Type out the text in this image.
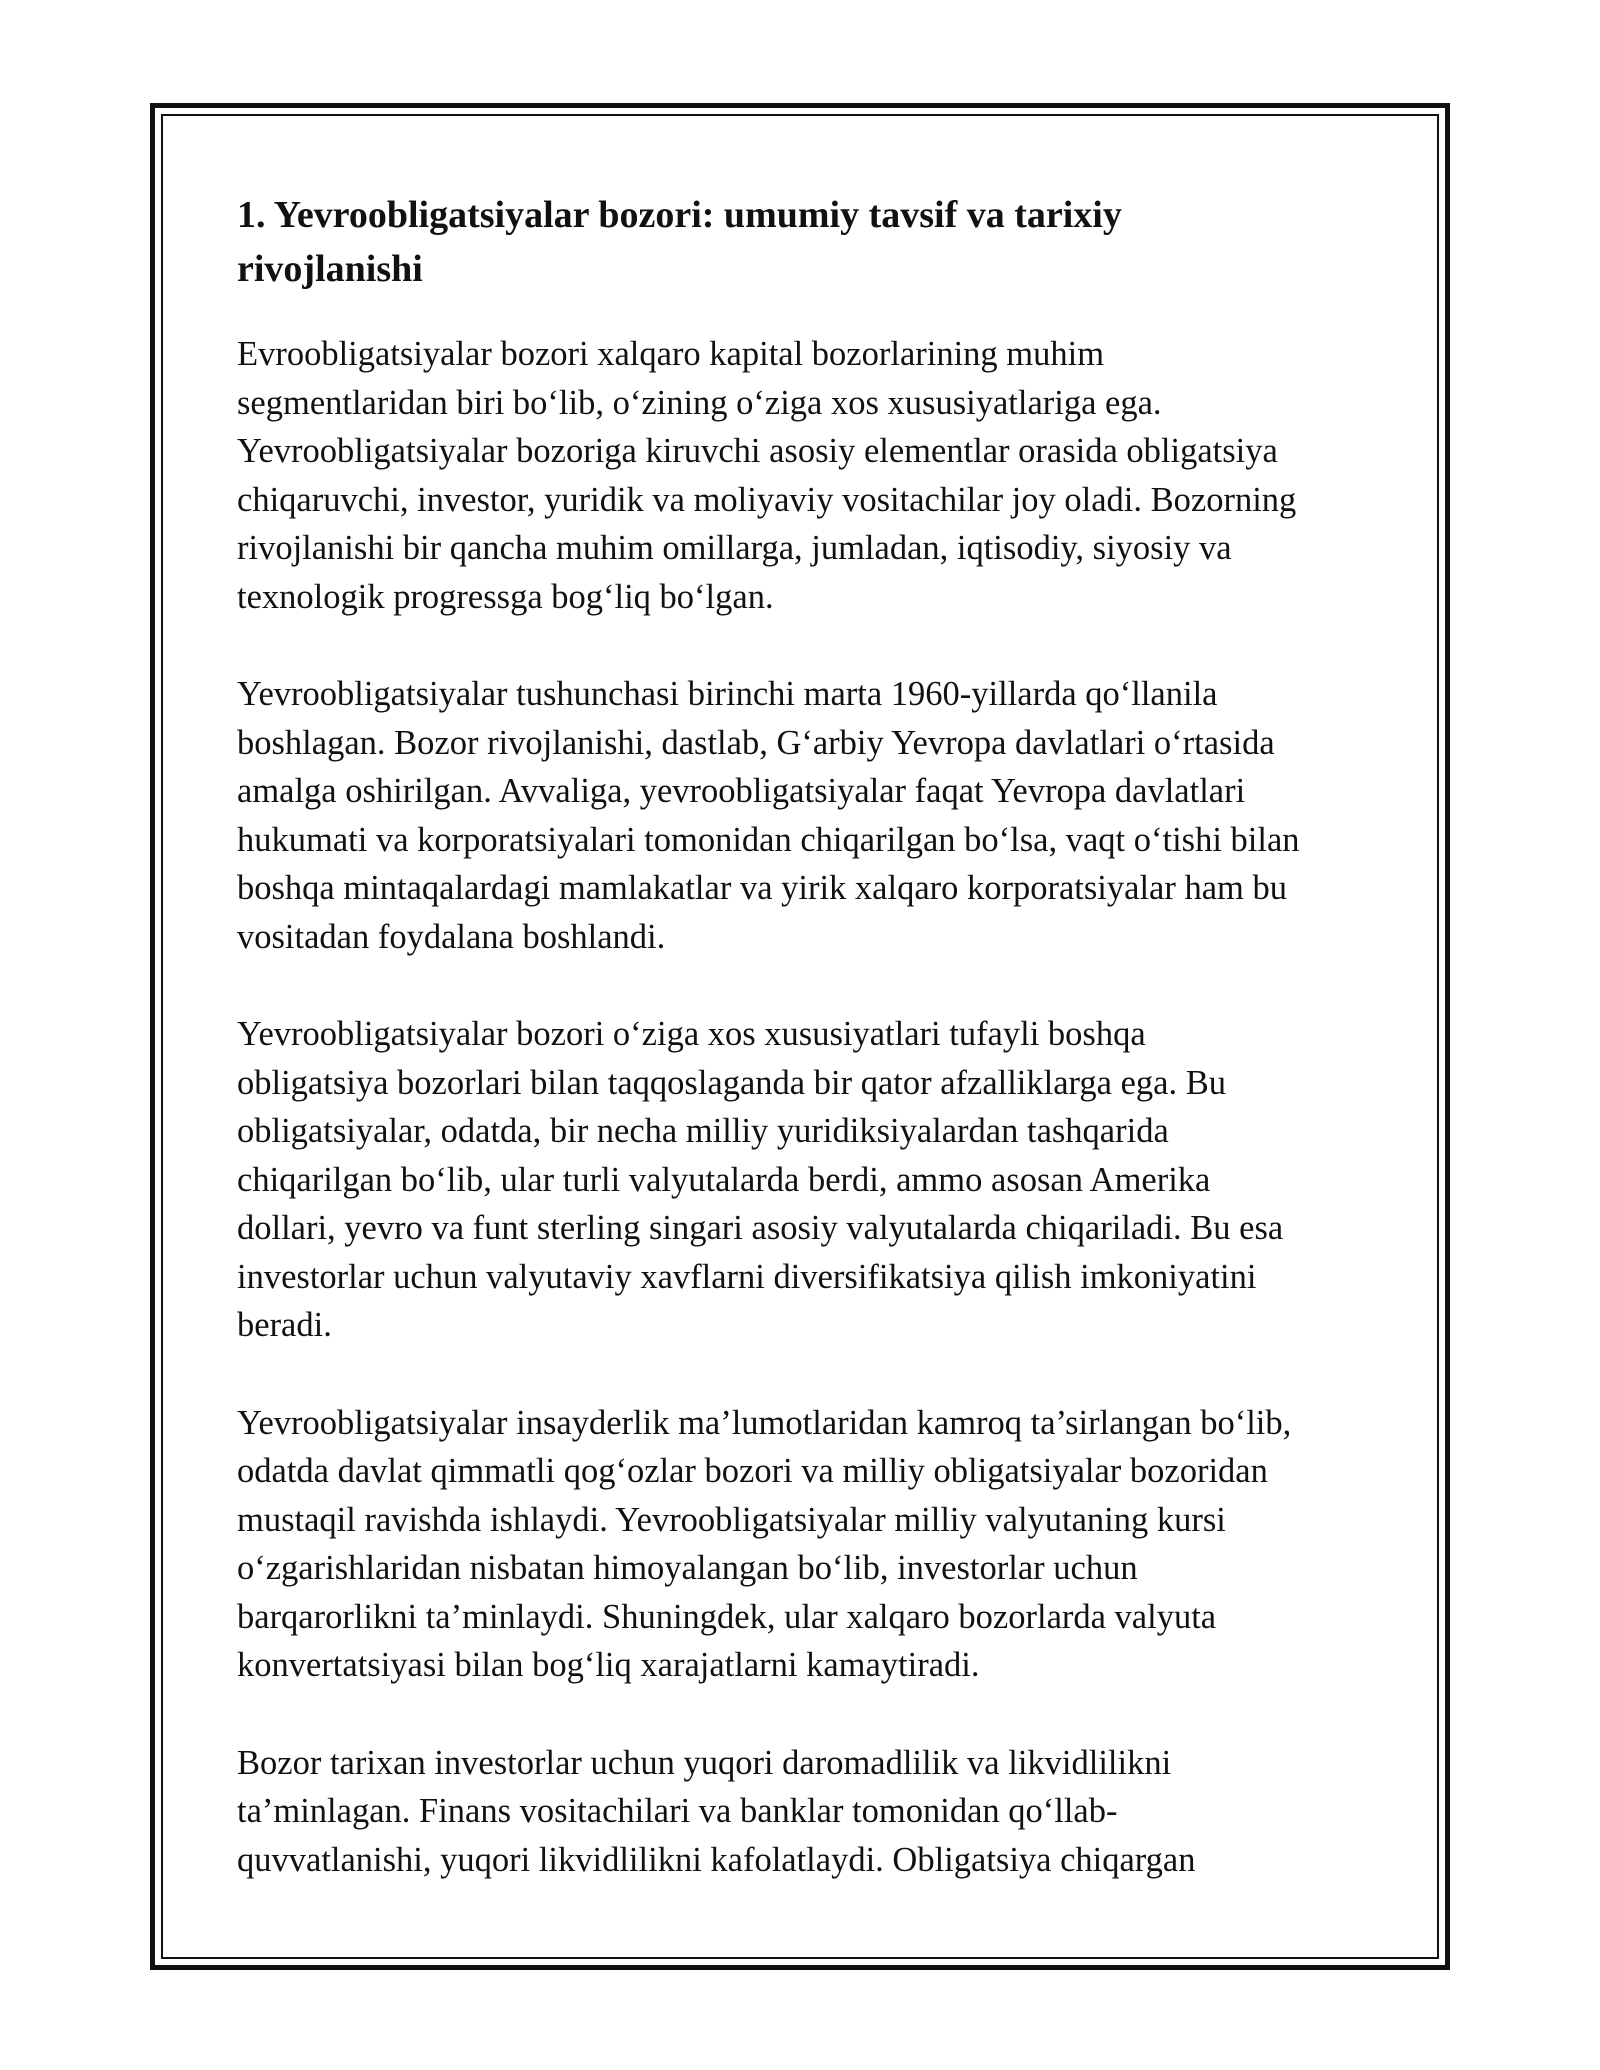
1. Yevroobligatsiyalar bozori: umumiy tavsif va tarixiy
rivojlanishi

Evroobligatsiyalar bozori xalqaro kapital bozorlarining muhim
segmentlaridan biri bo‘lib, o‘zining o‘ziga xos xususiyatlariga ega.
Yevroobligatsiyalar bozoriga kiruvchi asosiy elementlar orasida obligatsiya
chiqaruvchi, investor, yuridik va moliyaviy vositachilar joy oladi. Bozorning
rivojlanishi bir qancha muhim omillarga, jumladan, iqtisodiy, siyosiy va
texnologik progressga bog‘liq bo‘lgan.

Yevroobligatsiyalar tushunchasi birinchi marta 1960-yillarda qo‘llanila
boshlagan. Bozor rivojlanishi, dastlab, G‘arbiy Yevropa davlatlari o‘rtasida
amalga oshirilgan. Avvaliga, yevroobligatsiyalar faqat Yevropa davlatlari
hukumati va korporatsiyalari tomonidan chiqarilgan bo‘lsa, vaqt o‘tishi bilan
boshqa mintaqalardagi mamlakatlar va yirik xalqaro korporatsiyalar ham bu
vositadan foydalana boshlandi.

Yevroobligatsiyalar bozori o‘ziga xos xususiyatlari tufayli boshqa
obligatsiya bozorlari bilan taqqoslaganda bir qator afzalliklarga ega. Bu
obligatsiyalar, odatda, bir necha milliy yuridiksiyalardan tashqarida
chiqarilgan bo‘lib, ular turli valyutalarda berdi, ammo asosan Amerika
dollari, yevro va funt sterling singari asosiy valyutalarda chiqariladi. Bu esa
investorlar uchun valyutaviy xavflarni diversifikatsiya qilish imkoniyatini
beradi.

Yevroobligatsiyalar insayderlik ma’lumotlaridan kamroq ta’sirlangan bo‘lib,
odatda davlat qimmatli qog‘ozlar bozori va milliy obligatsiyalar bozoridan
mustaqil ravishda ishlaydi. Yevroobligatsiyalar milliy valyutaning kursi
o‘zgarishlaridan nisbatan himoyalangan bo‘lib, investorlar uchun
barqarorlikni ta’minlaydi. Shuningdek, ular xalqaro bozorlarda valyuta
konvertatsiyasi bilan bog‘liq xarajatlarni kamaytiradi.

Bozor tarixan investorlar uchun yuqori daromadlilik va likvidlilikni
ta’minlagan. Finans vositachilari va banklar tomonidan qo‘llab-
quvvatlanishi, yuqori likvidlilikni kafolatlaydi. Obligatsiya chiqargan
